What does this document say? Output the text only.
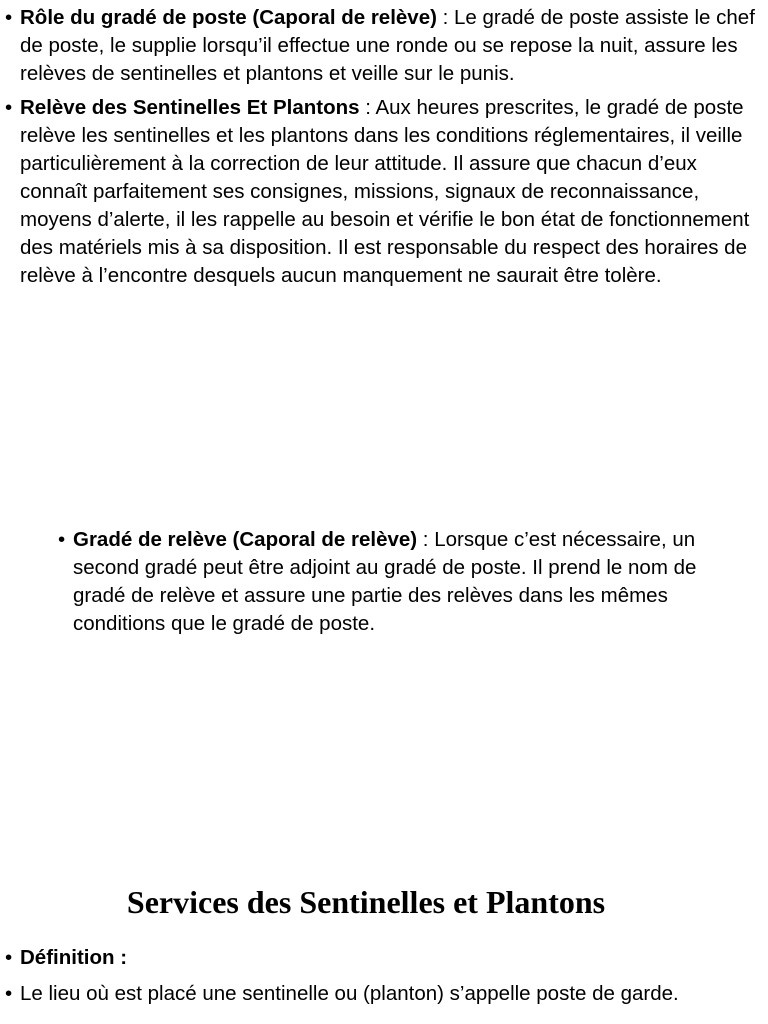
• Rôle du gradé de poste (Caporal de relève) : Le gradé de poste assiste le chef de poste, le supplie lorsqu’il effectue une ronde ou se repose la nuit, assure les relèves de sentinelles et plantons et veille sur le punis.
• Relève des Sentinelles Et Plantons : Aux heures prescrites, le gradé de poste relève les sentinelles et les plantons dans les conditions réglementaires, il veille particulièrement à la correction de leur attitude. Il assure que chacun d’eux connaît parfaitement ses consignes, missions, signaux de reconnaissance, moyens d’alerte, il les rappelle au besoin et vérifie le bon état de fonctionnement des matériels mis à sa disposition. Il est responsable du respect des horaires de relève à l’encontre desquels aucun manquement ne saurait être tolère.
• Gradé de relève (Caporal de relève) : Lorsque c’est nécessaire, un second gradé peut être adjoint au gradé de poste. Il prend le nom de gradé de relève et assure une partie des relèves dans les mêmes conditions que le gradé de poste.
Services des Sentinelles et Plantons
• Définition :
• Le lieu où est placé une sentinelle ou (planton) s’appelle poste de garde.
